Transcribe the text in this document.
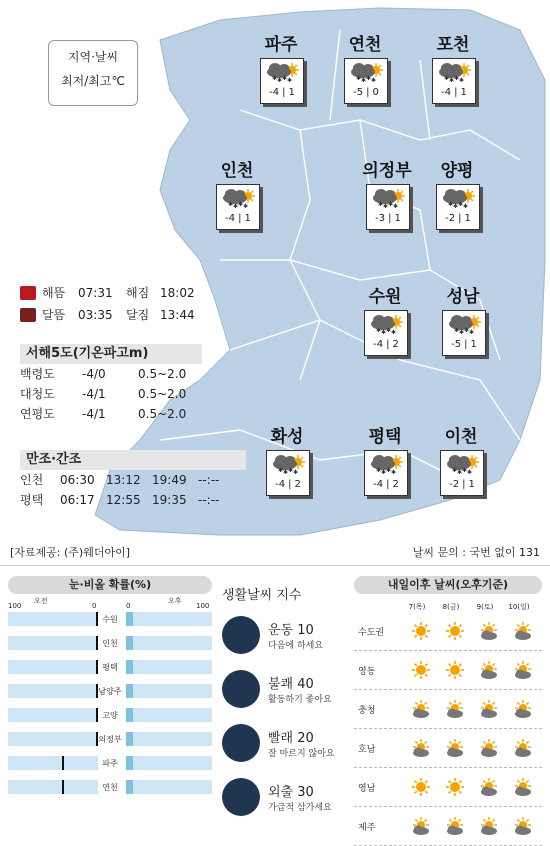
지역·날씨
최저/최고℃
파주
✱ ✱ ✱ ✱
-4 | 1
연천
✱ ✱ ✱ ✱
-5 | 0
포천
✱ ✱ ✱ ✱
-4 | 1
인천
✱ ✱ ✱ ✱
-4 | 1
의정부
✱ ✱ ✱ ✱
-3 | 1
양평
✱ ✱ ✱ ✱
-2 | 1
수원
✱ ✱ ✱ ✱
-4 | 2
성남
✱ ✱ ✱ ✱
-5 | 1
화성
✱ ✱ ✱ ✱
-4 | 2
평택
✱ ✱ ✱ ✱
-4 | 2
이천
✱ ✱ ✱ ✱
-2 | 1
해뜸	07:31	해짐 18:02
달뜸	03:35	달짐 13:44
서해5도(기온파고m)
백령도	-4/0	0.5~2.0
대청도	-4/1	0.5~2.0
연평도	-4/1	0.5~2.0
만조·간조
인천	06:30 13:12 19:49 --:--
평택	06:17 12:55 19:35 --:--
[자료제공: (주)웨더아이]	날씨 문의 : 국번 없이 131
눈·비올 확률(%)
100
오전
0	0
오후
100
수원
인천
평택
남양주
고양
의정부
파주
연천
생활날씨 지수
운동 10
다음에 하세요
불쾌 40
활동하기 좋아요
빨래 20
잘 마르지 않아요
외출 30
가급적 삼가세요
내일이후 날씨(오후기준)
7(목)	8(금)	9(토)	10(일)
수도권
영동
충청
호남
영남
제주
